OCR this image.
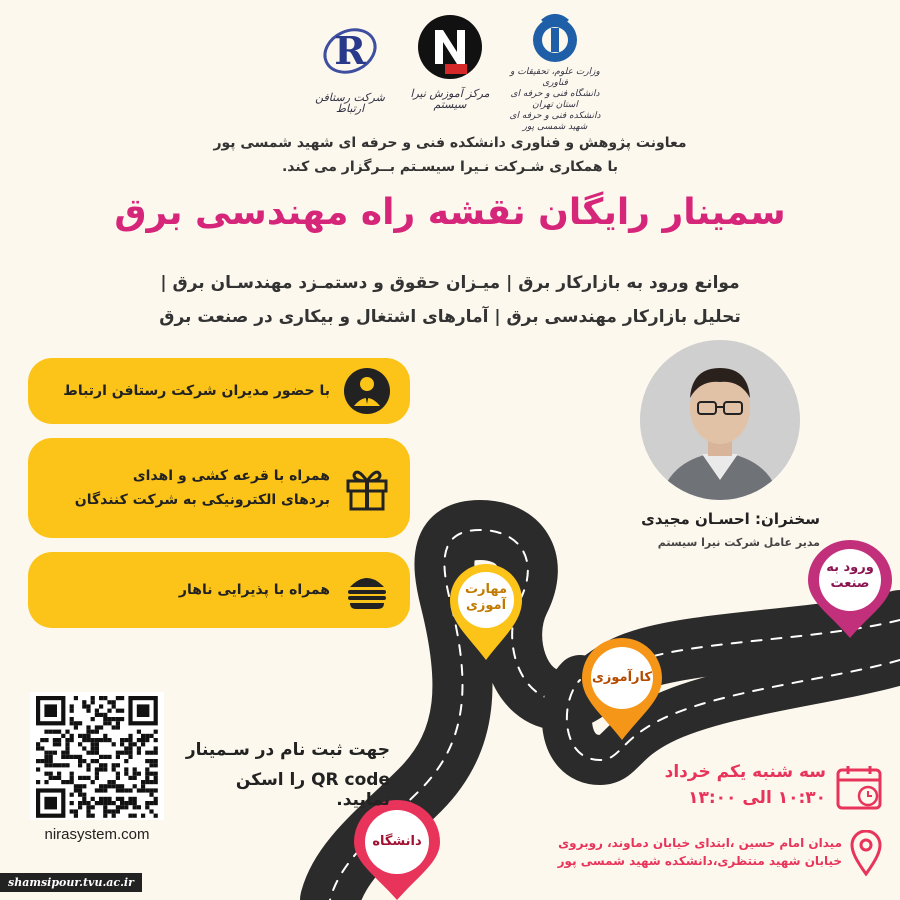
وزارت علوم، تحقیقات و فناوری
دانشگاه فنی و حرفه ای استان تهران
دانشکده فنی و حرفه ای شهید شمسی پور
مرکز آموزش نیرا سیستم
R
شرکت رستافن ارتباط
معاونت پژوهش و فناوری دانشکده فنی و حرفه ای شهید شمسی پور
با همکاری شـرکت نـیرا سیسـتم بــرگزار می کند.
سمینار رایگان نقشه راه مهندسی برق
موانع ورود به بازارکار برق | میـزان حقوق و دستمـزد مهندسـان برق |
تحلیل بازارکار مهندسی برق | آمارهای اشتغال و بیکاری در صنعت برق
با حضور مدیران شرکت رستافن ارتباط
همراه با قرعه کشی و اهدای
بردهای الکترونیکی به شرکت کنندگان
همراه با پذیرایی ناهار
سخنران: احسـان مجیدی
مدیر عامل شرکت نیرا سیستم
مهارت آموزی
کارآموزی
ورود به صنعت
دانشگاه
nirasystem.com
جهت ثبت نام در سـمینار
QR code را اسکن نمایید.
سه شنبه یکم خرداد
۱۰:۳۰ الی ۱۳:۰۰
میدان امام حسین ،ابتدای خیابان دماوند، روبروی
خیابان شهید منتظری،دانشکده شهید شمسی پور
shamsipour.tvu.ac.ir
